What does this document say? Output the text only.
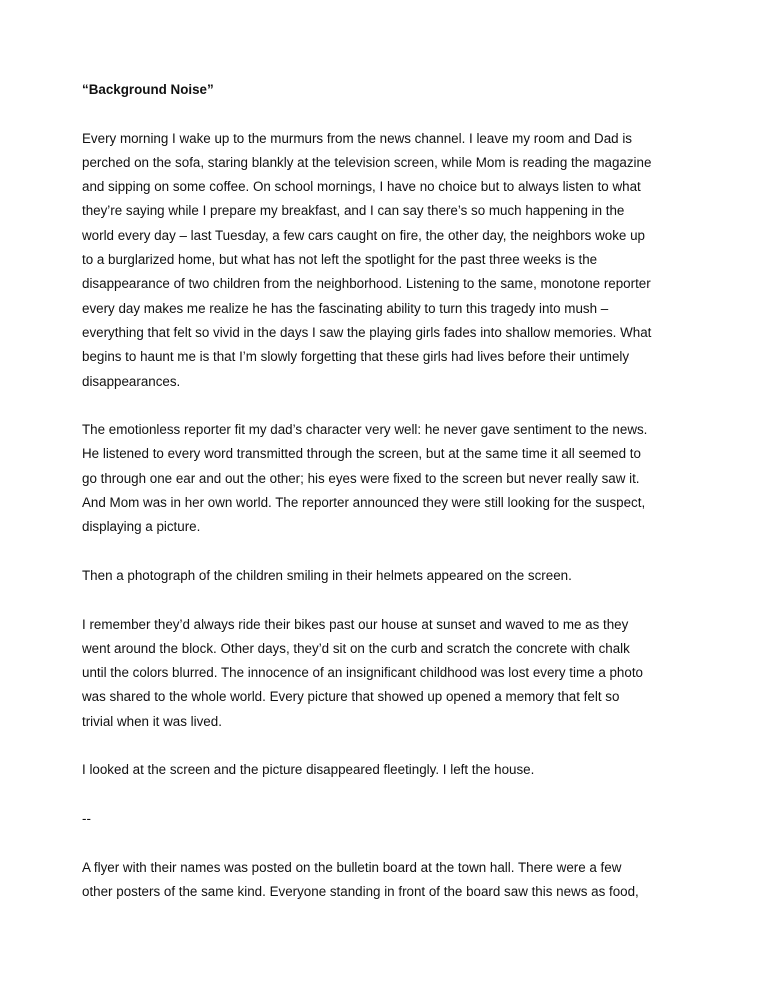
“Background Noise”

Every morning I wake up to the murmurs from the news channel. I leave my room and Dad is
perched on the sofa, staring blankly at the television screen, while Mom is reading the magazine
and sipping on some coffee. On school mornings, I have no choice but to always listen to what
they’re saying while I prepare my breakfast, and I can say there’s so much happening in the
world every day – last Tuesday, a few cars caught on fire, the other day, the neighbors woke up
to a burglarized home, but what has not left the spotlight for the past three weeks is the
disappearance of two children from the neighborhood. Listening to the same, monotone reporter
every day makes me realize he has the fascinating ability to turn this tragedy into mush –
everything that felt so vivid in the days I saw the playing girls fades into shallow memories. What
begins to haunt me is that I’m slowly forgetting that these girls had lives before their untimely
disappearances.

The emotionless reporter fit my dad’s character very well: he never gave sentiment to the news.
He listened to every word transmitted through the screen, but at the same time it all seemed to
go through one ear and out the other; his eyes were fixed to the screen but never really saw it.
And Mom was in her own world. The reporter announced they were still looking for the suspect,
displaying a picture.

Then a photograph of the children smiling in their helmets appeared on the screen.

I remember they’d always ride their bikes past our house at sunset and waved to me as they
went around the block. Other days, they’d sit on the curb and scratch the concrete with chalk
until the colors blurred. The innocence of an insignificant childhood was lost every time a photo
was shared to the whole world. Every picture that showed up opened a memory that felt so
trivial when it was lived.

I looked at the screen and the picture disappeared fleetingly. I left the house.

--

A flyer with their names was posted on the bulletin board at the town hall. There were a few
other posters of the same kind. Everyone standing in front of the board saw this news as food,
